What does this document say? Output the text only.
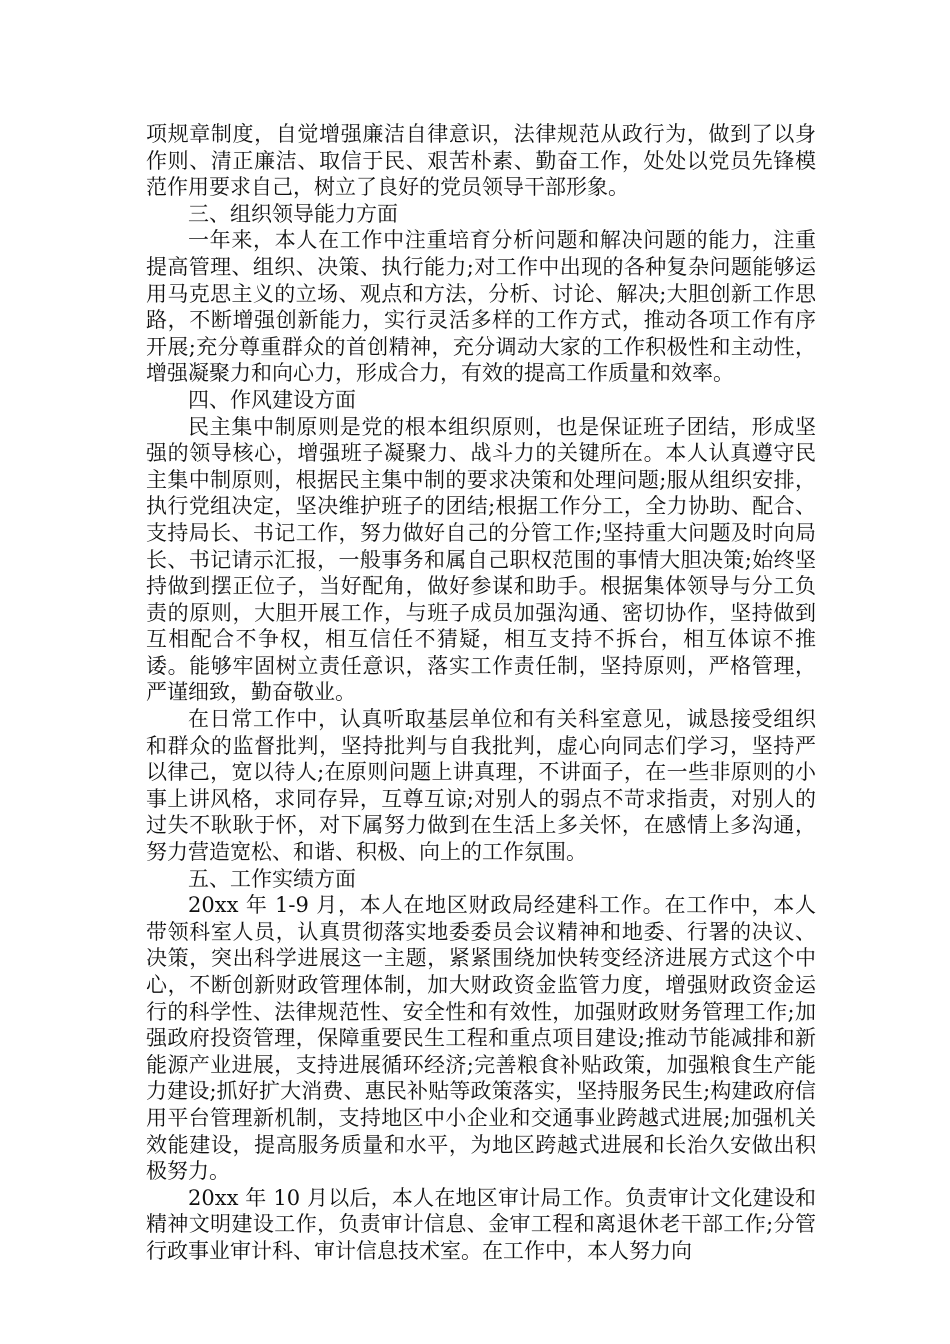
项规章制度，自觉增强廉洁自律意识，法律规范从政行为，做到了以身作则、清正廉洁、取信于民、艰苦朴素、勤奋工作，处处以党员先锋模范作用要求自己，树立了良好的党员领导干部形象。

三、组织领导能力方面

一年来，本人在工作中注重培育分析问题和解决问题的能力，注重提高管理、组织、决策、执行能力;对工作中出现的各种复杂问题能够运用马克思主义的立场、观点和方法，分析、讨论、解决;大胆创新工作思路，不断增强创新能力，实行灵活多样的工作方式，推动各项工作有序开展;充分尊重群众的首创精神，充分调动大家的工作积极性和主动性，增强凝聚力和向心力，形成合力，有效的提高工作质量和效率。

四、作风建设方面

民主集中制原则是党的根本组织原则，也是保证班子团结，形成坚强的领导核心，增强班子凝聚力、战斗力的关键所在。本人认真遵守民主集中制原则，根据民主集中制的要求决策和处理问题;服从组织安排，执行党组决定，坚决维护班子的团结;根据工作分工，全力协助、配合、支持局长、书记工作，努力做好自己的分管工作;坚持重大问题及时向局长、书记请示汇报，一般事务和属自己职权范围的事情大胆决策;始终坚持做到摆正位子，当好配角，做好参谋和助手。根据集体领导与分工负责的原则，大胆开展工作，与班子成员加强沟通、密切协作，坚持做到互相配合不争权，相互信任不猜疑，相互支持不拆台，相互体谅不推诿。能够牢固树立责任意识，落实工作责任制，坚持原则，严格管理，严谨细致，勤奋敬业。

在日常工作中，认真听取基层单位和有关科室意见，诚恳接受组织和群众的监督批判，坚持批判与自我批判，虚心向同志们学习，坚持严以律己，宽以待人;在原则问题上讲真理，不讲面子，在一些非原则的小事上讲风格，求同存异，互尊互谅;对别人的弱点不苛求指责，对别人的过失不耿耿于怀，对下属努力做到在生活上多关怀，在感情上多沟通，努力营造宽松、和谐、积极、向上的工作氛围。

五、工作实绩方面

20xx 年 1-9 月，本人在地区财政局经建科工作。在工作中，本人带领科室人员，认真贯彻落实地委委员会议精神和地委、行署的决议、决策，突出科学进展这一主题，紧紧围绕加快转变经济进展方式这个中心，不断创新财政管理体制，加大财政资金监管力度，增强财政资金运行的科学性、法律规范性、安全性和有效性，加强财政财务管理工作;加强政府投资管理，保障重要民生工程和重点项目建设;推动节能减排和新能源产业进展，支持进展循环经济;完善粮食补贴政策，加强粮食生产能力建设;抓好扩大消费、惠民补贴等政策落实，坚持服务民生;构建政府信用平台管理新机制，支持地区中小企业和交通事业跨越式进展;加强机关效能建设，提高服务质量和水平，为地区跨越式进展和长治久安做出积极努力。

20xx 年 10 月以后，本人在地区审计局工作。负责审计文化建设和精神文明建设工作，负责审计信息、金审工程和离退休老干部工作;分管行政事业审计科、审计信息技术室。在工作中，本人努力向
